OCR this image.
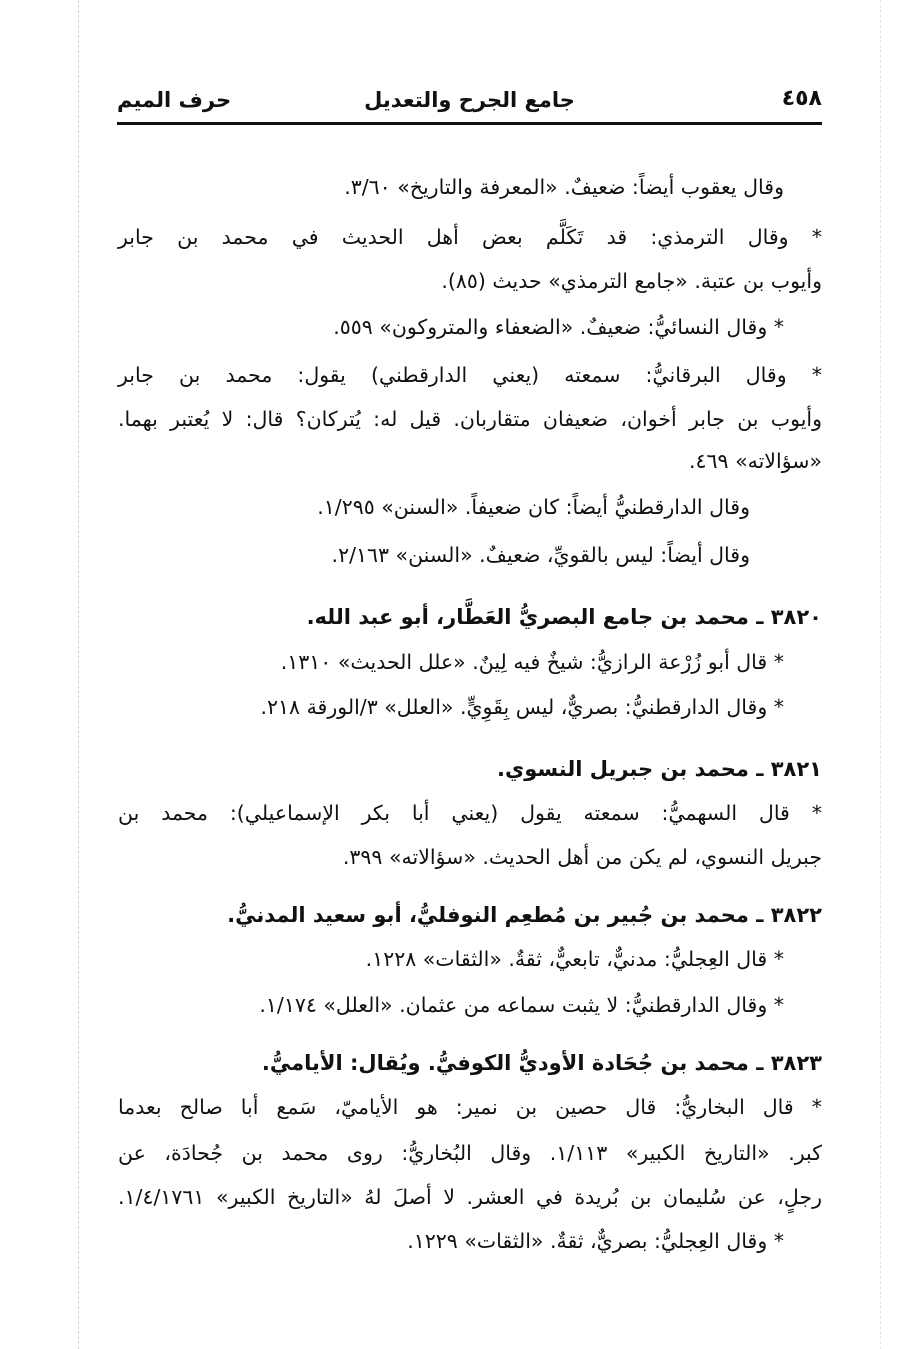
٤٥٨
جامع الجرح والتعديل
حرف الميم
وقال يعقوب أيضاً: ضعيفٌ. «المعرفة والتاريخ» ٣/٦٠.
* وقال الترمذي: قد تَكَلَّم بعض أهل الحديث في محمد بن جابر
وأيوب بن عتبة. «جامع الترمذي» حديث (٨٥).
* وقال النسائيُّ: ضعيفٌ. «الضعفاء والمتروكون» ٥٥٩.
* وقال البرقانيُّ: سمعته (يعني الدارقطني) يقول: محمد بن جابر
وأيوب بن جابر أخوان، ضعيفان متقاربان. قيل له: يُتركان؟ قال: لا يُعتبر بهما.
«سؤالاته» ٤٦٩.
وقال الدارقطنيُّ أيضاً: كان ضعيفاً. «السنن» ١/٢٩٥.
وقال أيضاً: ليس بالقويِّ، ضعيفٌ. «السنن» ٢/١٦٣.
٣٨٢٠ ـ محمد بن جامع البصريُّ العَطَّار، أبو عبد الله.
* قال أبو زُرْعة الرازيُّ: شيخٌ فيه لِينٌ. «علل الحديث» ١٣١٠.
* وقال الدارقطنيُّ: بصريٌّ، ليس بِقَوِيٍّ. «العلل» ٣/الورقة ٢١٨.
٣٨٢١ ـ محمد بن جبريل النسوي.
* قال السهميُّ: سمعته يقول (يعني أبا بكر الإسماعيلي): محمد بن
جبريل النسوي، لم يكن من أهل الحديث. «سؤالاته» ٣٩٩.
٣٨٢٢ ـ محمد بن جُبير بن مُطعِم النوفليُّ، أبو سعيد المدنيُّ.
* قال العِجليُّ: مدنيٌّ، تابعيٌّ، ثقةٌ. «الثقات» ١٢٢٨.
* وقال الدارقطنيُّ: لا يثبت سماعه من عثمان. «العلل» ١/١٧٤.
٣٨٢٣ ـ محمد بن جُحَادة الأوديُّ الكوفيُّ. ويُقال: الأياميُّ.
* قال البخاريُّ: قال حصين بن نمير: هو الأياميّ، سَمع أبا صالح بعدما
كبر. «التاريخ الكبير» ١/١١٣. وقال البُخاريُّ: روى محمد بن جُحادَة، عن
رجلٍ، عن سُليمان بن بُريدة في العشر. لا أصلَ لهُ «التاريخ الكبير» ١/٤/١٧٦١.
* وقال العِجليُّ: بصريٌّ، ثقةٌ. «الثقات» ١٢٢٩.
